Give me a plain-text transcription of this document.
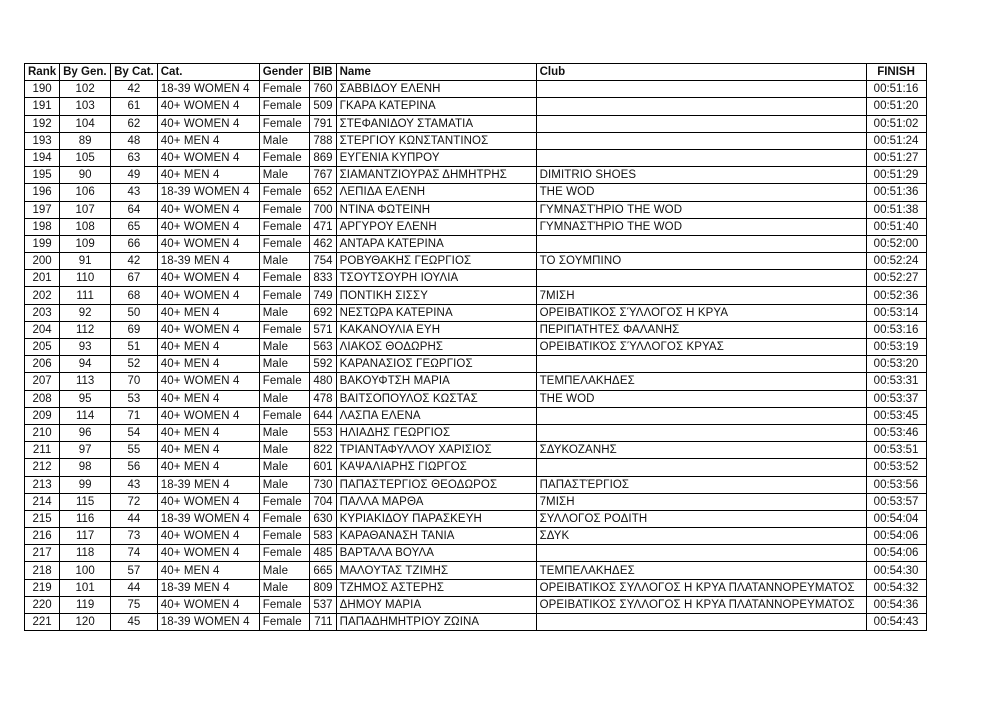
Rank	By Gen.	By Cat.	Cat.	Gender	BIB	Name	Club	FINISH
190	102	42	18-39 WOMEN 4	Female	760	ΣΑΒΒΙΔΟΥ ΕΛΕΝΗ		00:51:16
191	103	61	40+ WOMEN 4	Female	509	ΓΚΑΡΑ ΚΑΤΕΡΙΝΑ		00:51:20
192	104	62	40+ WOMEN 4	Female	791	ΣΤΕΦΑΝΙΔΟΥ ΣΤΑΜΑΤΙΑ		00:51:02
193	89	48	40+ MEN 4	Male	788	ΣΤΕΡΓΙΟΥ ΚΩΝΣΤΑΝΤΙΝΟΣ		00:51:24
194	105	63	40+ WOMEN 4	Female	869	ΕΥΓΕΝΙΑ ΚΥΠΡΟΥ		00:51:27
195	90	49	40+ MEN 4	Male	767	ΣΙΑΜΑΝΤΖΙΟΥΡΑΣ ΔΗΜΗΤΡΗΣ	DIMITRIO SHOES	00:51:29
196	106	43	18-39 WOMEN 4	Female	652	ΛΕΠΙΔΑ ΕΛΕΝΗ	THE WOD	00:51:36
197	107	64	40+ WOMEN 4	Female	700	ΝΤΙΝΑ ΦΩΤΕΙΝΗ	ΓΥΜΝΑΣΤΉΡΙΟ THE WOD	00:51:38
198	108	65	40+ WOMEN 4	Female	471	ΑΡΓΥΡΟΥ ΕΛΕΝΗ	ΓΥΜΝΑΣΤΉΡΙΟ THE WOD	00:51:40
199	109	66	40+ WOMEN 4	Female	462	ΑΝΤΑΡΑ ΚΑΤΕΡΙΝΑ		00:52:00
200	91	42	18-39 MEN 4	Male	754	ΡΟΒΥΘΑΚΗΣ ΓΕΩΡΓΙΟΣ	ΤΟ ΣΟΥΜΠΙΝΟ	00:52:24
201	110	67	40+ WOMEN 4	Female	833	ΤΣΟΥΤΣΟΥΡΗ ΙΟΥΛΙΑ		00:52:27
202	111	68	40+ WOMEN 4	Female	749	ΠΟΝΤΙΚΗ ΣΙΣΣΥ	7ΜΙΣΗ	00:52:36
203	92	50	40+ MEN 4	Male	692	ΝΕΣΤΩΡΑ ΚΑΤΕΡΙΝΑ	ΟΡΕΙΒΑΤΙΚΟΣ ΣΎΛΛΟΓΟΣ Η ΚΡΥΑ	00:53:14
204	112	69	40+ WOMEN 4	Female	571	ΚΑΚΑΝΟΥΛΙΑ ΕΥΗ	ΠΕΡΙΠΑΤΗΤΕΣ ΦΑΛΑΝΗΣ	00:53:16
205	93	51	40+ MEN 4	Male	563	ΛΙΑΚΟΣ ΘΟΔΩΡΗΣ	ΟΡΕΙΒΑΤΙΚΌΣ ΣΎΛΛΟΓΟΣ ΚΡΥΑΣ	00:53:19
206	94	52	40+ MEN 4	Male	592	ΚΑΡΑΝΑΣΙΟΣ ΓΕΩΡΓΙΟΣ		00:53:20
207	113	70	40+ WOMEN 4	Female	480	ΒΑΚΟΥΦΤΣΗ ΜΑΡΙΑ	ΤΕΜΠΕΛΑΚΗΔΕΣ	00:53:31
208	95	53	40+ MEN 4	Male	478	ΒΑΙΤΣΟΠΟΥΛΟΣ ΚΩΣΤΑΣ	THE WOD	00:53:37
209	114	71	40+ WOMEN 4	Female	644	ΛΑΣΠΑ ΕΛΕΝΑ		00:53:45
210	96	54	40+ MEN 4	Male	553	ΗΛΙΑΔΗΣ ΓΕΩΡΓΙΟΣ		00:53:46
211	97	55	40+ MEN 4	Male	822	ΤΡΙΑΝΤΑΦΥΛΛΟΥ ΧΑΡΙΣΙΟΣ	ΣΔΥΚΟΖΑΝΗΣ	00:53:51
212	98	56	40+ MEN 4	Male	601	ΚΑΨΑΛΙΑΡΗΣ ΓΙΩΡΓΟΣ		00:53:52
213	99	43	18-39 MEN 4	Male	730	ΠΑΠΑΣΤΕΡΓΙΟΣ ΘΕΟΔΩΡΟΣ	ΠΑΠΑΣΤΈΡΓΙΟΣ	00:53:56
214	115	72	40+ WOMEN 4	Female	704	ΠΑΛΛΑ ΜΑΡΘΑ	7ΜΙΣΗ	00:53:57
215	116	44	18-39 WOMEN 4	Female	630	ΚΥΡΙΑΚΙΔΟΥ ΠΑΡΑΣΚΕΥΗ	ΣΥΛΛΟΓΟΣ ΡΟΔΙΤΗ	00:54:04
216	117	73	40+ WOMEN 4	Female	583	ΚΑΡΑΘΑΝΑΣΗ ΤΑΝΙΑ	ΣΔΥΚ	00:54:06
217	118	74	40+ WOMEN 4	Female	485	ΒΑΡΤΑΛΑ ΒΟΥΛΑ		00:54:06
218	100	57	40+ MEN 4	Male	665	ΜΑΛΟΥΤΑΣ ΤΖΙΜΗΣ	ΤΕΜΠΕΛΑΚΗΔΕΣ	00:54:30
219	101	44	18-39 MEN 4	Male	809	ΤΖΗΜΟΣ ΑΣΤΕΡΗΣ	ΟΡΕΙΒΑΤΙΚΟΣ ΣΥΛΛΟΓΟΣ Η ΚΡΥΑ ΠΛΑΤΑΝΝΟΡΕΥΜΑΤΟΣ	00:54:32
220	119	75	40+ WOMEN 4	Female	537	ΔΗΜΟΥ ΜΑΡΙΑ	ΟΡΕΙΒΑΤΙΚΟΣ ΣΥΛΛΟΓΟΣ Η ΚΡΥΑ ΠΛΑΤΑΝΝΟΡΕΥΜΑΤΟΣ	00:54:36
221	120	45	18-39 WOMEN 4	Female	711	ΠΑΠΑΔΗΜΗΤΡΙΟΥ ΖΩΙΝΑ		00:54:43
